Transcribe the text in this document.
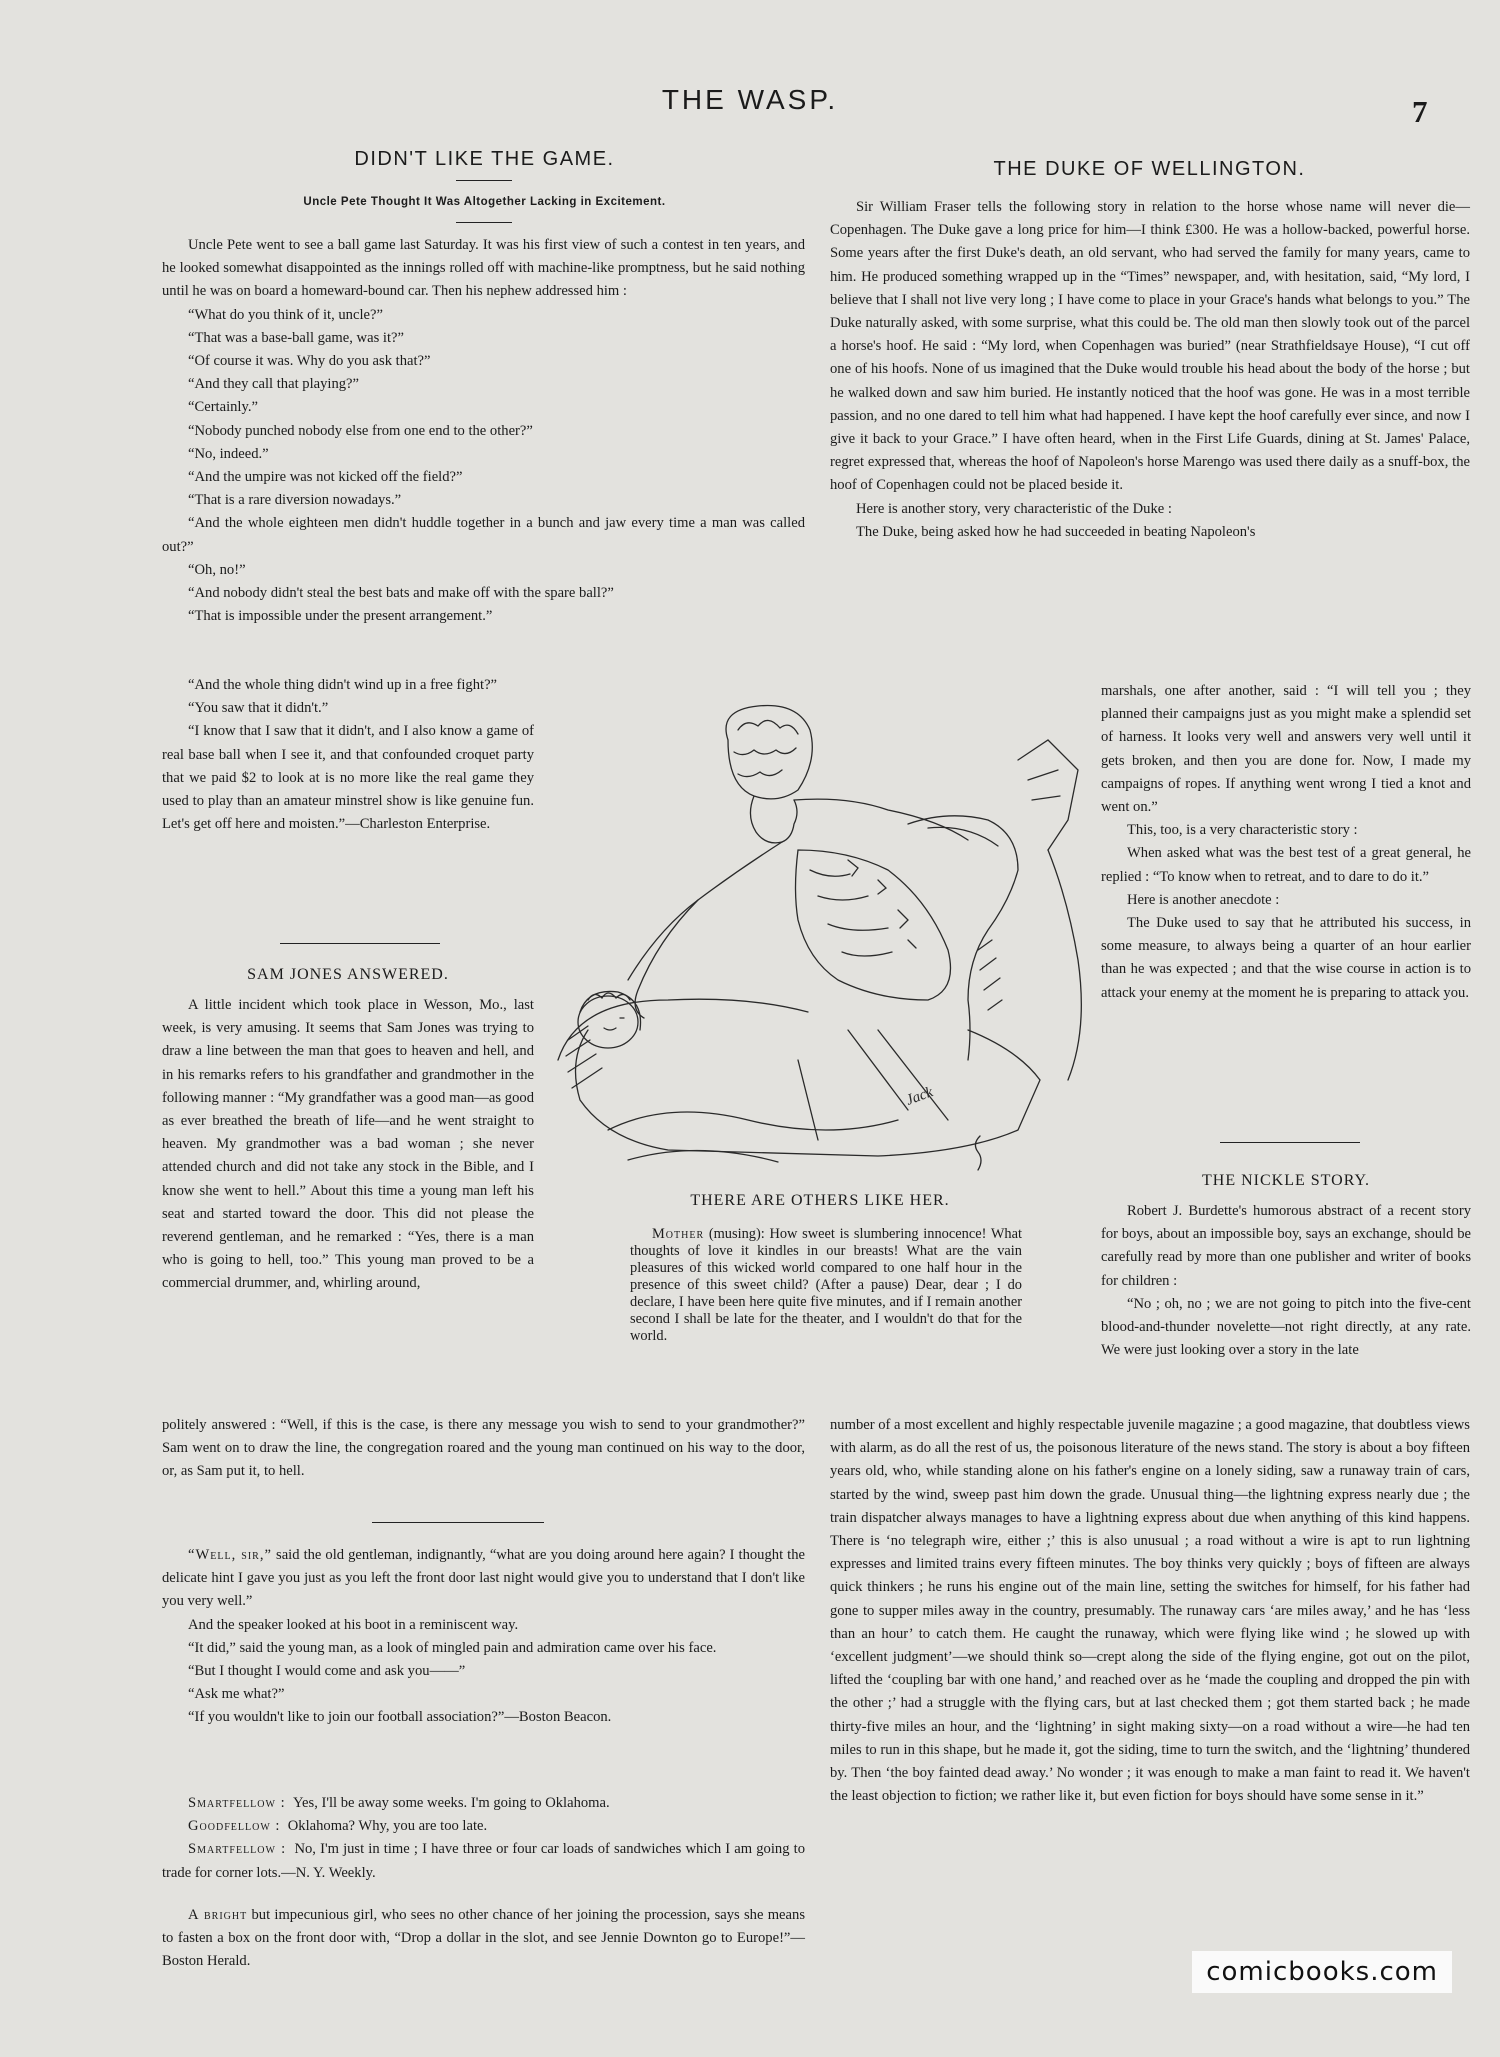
THE WASP.	7
DIDN'T LIKE THE GAME.
Uncle Pete Thought It Was Altogether Lacking in Excitement.

Uncle Pete went to see a ball game last Saturday. It was his first view of such a contest in ten years, and he looked somewhat disappointed as the innings rolled off with machine-like promptness, but he said nothing until he was on board a homeward-bound car. Then his nephew addressed him :

“What do you think of it, uncle?”

“That was a base-ball game, was it?”

“Of course it was. Why do you ask that?”

“And they call that playing?”

“Certainly.”

“Nobody punched nobody else from one end to the other?”

“No, indeed.”

“And the umpire was not kicked off the field?”

“That is a rare diversion nowadays.”

“And the whole eighteen men didn't huddle together in a bunch and jaw every time a man was called out?”

“Oh, no!”

“And nobody didn't steal the best bats and make off with the spare ball?”

“That is impossible under the present arrangement.”

“And the whole thing didn't wind up in a free fight?”

“You saw that it didn't.”

“I know that I saw that it didn't, and I also know a game of real base ball when I see it, and that confounded croquet party that we paid $2 to look at is no more like the real game they used to play than an amateur minstrel show is like genuine fun. Let's get off here and moisten.”—Charleston Enterprise.

SAM JONES ANSWERED.

A little incident which took place in Wesson, Mo., last week, is very amusing. It seems that Sam Jones was trying to draw a line between the man that goes to heaven and hell, and in his remarks refers to his grandfather and grandmother in the following manner : “My grandfather was a good man—as good as ever breathed the breath of life—and he went straight to heaven. My grandmother was a bad woman ; she never attended church and did not take any stock in the Bible, and I know she went to hell.” About this time a young man left his seat and started toward the door. This did not please the reverend gentleman, and he remarked : “Yes, there is a man who is going to hell, too.” This young man proved to be a commercial drummer, and, whirling around,

politely answered : “Well, if this is the case, is there any message you wish to send to your grandmother?” Sam went on to draw the line, the congregation roared and the young man continued on his way to the door, or, as Sam put it, to hell.

“Well, sir,” said the old gentleman, indignantly, “what are you doing around here again? I thought the delicate hint I gave you just as you left the front door last night would give you to understand that I don't like you very well.”

And the speaker looked at his boot in a reminiscent way.

“It did,” said the young man, as a look of mingled pain and admiration came over his face.

“But I thought I would come and ask you——”

“Ask me what?”

“If you wouldn't like to join our football association?”—Boston Beacon.

Smartfellow : Yes, I'll be away some weeks. I'm going to Oklahoma.

Goodfellow : Oklahoma? Why, you are too late.

Smartfellow : No, I'm just in time ; I have three or four car loads of sandwiches which I am going to trade for corner lots.—N. Y. Weekly.

A bright but impecunious girl, who sees no other chance of her joining the procession, says she means to fasten a box on the front door with, “Drop a dollar in the slot, and see Jennie Downton go to Europe!”—Boston Herald.

THE DUKE OF WELLINGTON.

Sir William Fraser tells the following story in relation to the horse whose name will never die—Copenhagen. The Duke gave a long price for him—I think £300. He was a hollow-backed, powerful horse. Some years after the first Duke's death, an old servant, who had served the family for many years, came to him. He produced something wrapped up in the “Times” newspaper, and, with hesitation, said, “My lord, I believe that I shall not live very long ; I have come to place in your Grace's hands what belongs to you.” The Duke naturally asked, with some surprise, what this could be. The old man then slowly took out of the parcel a horse's hoof. He said : “My lord, when Copenhagen was buried” (near Strathfieldsaye House), “I cut off one of his hoofs. None of us imagined that the Duke would trouble his head about the body of the horse ; but he walked down and saw him buried. He instantly noticed that the hoof was gone. He was in a most terrible passion, and no one dared to tell him what had happened. I have kept the hoof carefully ever since, and now I give it back to your Grace.” I have often heard, when in the First Life Guards, dining at St. James' Palace, regret expressed that, whereas the hoof of Napoleon's horse Marengo was used there daily as a snuff-box, the hoof of Copenhagen could not be placed beside it.

Here is another story, very characteristic of the Duke :

The Duke, being asked how he had succeeded in beating Napoleon's

marshals, one after another, said : “I will tell you ; they planned their campaigns just as you might make a splendid set of harness. It looks very well and answers very well until it gets broken, and then you are done for. Now, I made my campaigns of ropes. If anything went wrong I tied a knot and went on.”

This, too, is a very characteristic story :

When asked what was the best test of a great general, he replied : “To know when to retreat, and to dare to do it.”

Here is another anecdote :

The Duke used to say that he attributed his success, in some measure, to always being a quarter of an hour earlier than he was expected ; and that the wise course in action is to attack your enemy at the moment he is preparing to attack you.

THE NICKLE STORY.

Robert J. Burdette's humorous abstract of a recent story for boys, about an impossible boy, says an exchange, should be carefully read by more than one publisher and writer of books for children :

“No ; oh, no ; we are not going to pitch into the five-cent blood-and-thunder novelette—not right directly, at any rate. We were just looking over a story in the late

number of a most excellent and highly respectable juvenile magazine ; a good magazine, that doubtless views with alarm, as do all the rest of us, the poisonous literature of the news stand. The story is about a boy fifteen years old, who, while standing alone on his father's engine on a lonely siding, saw a runaway train of cars, started by the wind, sweep past him down the grade. Unusual thing—the lightning express nearly due ; the train dispatcher always manages to have a lightning express about due when anything of this kind happens. There is ‘no telegraph wire, either ;’ this is also unusual ; a road without a wire is apt to run lightning expresses and limited trains every fifteen minutes. The boy thinks very quickly ; boys of fifteen are always quick thinkers ; he runs his engine out of the main line, setting the switches for himself, for his father had gone to supper miles away in the country, presumably. The runaway cars ‘are miles away,’ and he has ‘less than an hour’ to catch them. He caught the runaway, which were flying like wind ; he slowed up with ‘excellent judgment’—we should think so—crept along the side of the flying engine, got out on the pilot, lifted the ‘coupling bar with one hand,’ and reached over as he ‘made the coupling and dropped the pin with the other ;’ had a struggle with the flying cars, but at last checked them ; got them started back ; he made thirty-five miles an hour, and the ‘lightning’ in sight making sixty—on a road without a wire—he had ten miles to run in this shape, but he made it, got the siding, time to turn the switch, and the ‘lightning’ thundered by. Then ‘the boy fainted dead away.’ No wonder ; it was enough to make a man faint to read it. We haven't the least objection to fiction; we rather like it, but even fiction for boys should have some sense in it.”

Jack
THERE ARE OTHERS LIKE HER.

Mother (musing): How sweet is slumbering innocence! What thoughts of love it kindles in our breasts! What are the vain pleasures of this wicked world compared to one half hour in the presence of this sweet child? (After a pause) Dear, dear ; I do declare, I have been here quite five minutes, and if I remain another second I shall be late for the theater, and I wouldn't do that for the world.

comicbooks.com
